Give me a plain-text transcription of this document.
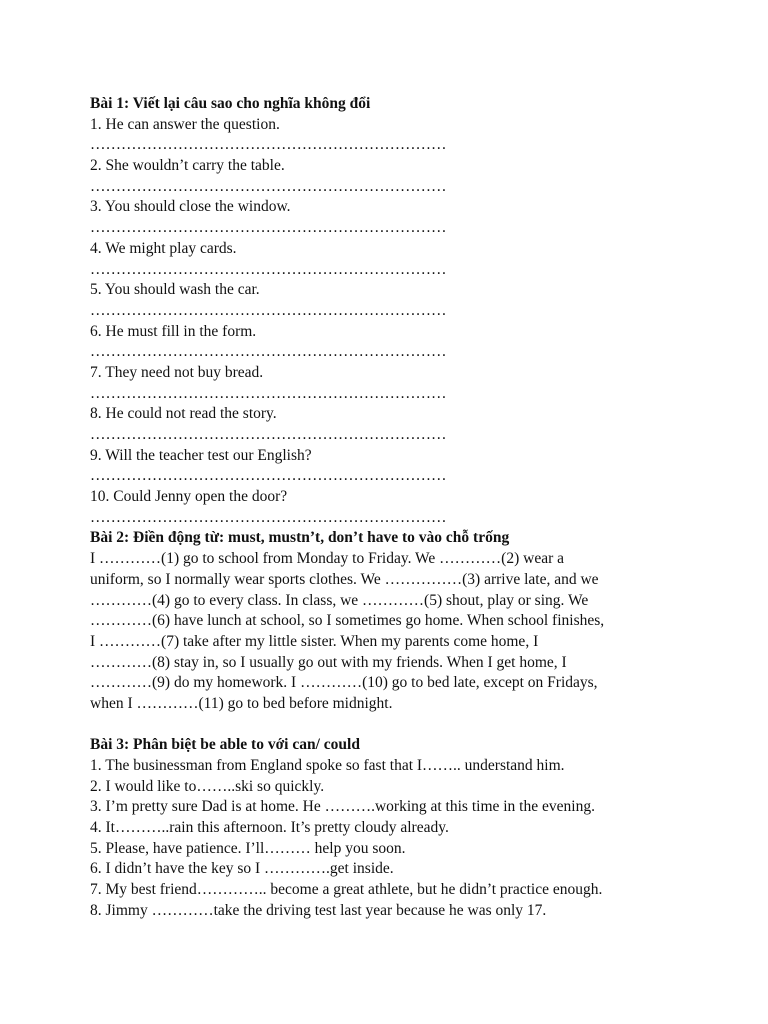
Bài 1: Viết lại câu sao cho nghĩa không đổi
1. He can answer the question.
……………………………………………………………
2. She wouldn’t carry the table.
……………………………………………………………
3. You should close the window.
……………………………………………………………
4. We might play cards.
……………………………………………………………
5. You should wash the car.
……………………………………………………………
6. He must fill in the form.
……………………………………………………………
7. They need not buy bread.
……………………………………………………………
8. He could not read the story.
……………………………………………………………
9. Will the teacher test our English?
……………………………………………………………
10. Could Jenny open the door?
……………………………………………………………
Bài 2: Điền động từ: must, mustn’t, don’t have to vào chỗ trống
I …………(1) go to school from Monday to Friday. We …………(2) wear a
uniform, so I normally wear sports clothes. We ……………(3) arrive late, and we
…………(4) go to every class. In class, we …………(5) shout, play or sing. We
…………(6) have lunch at school, so I sometimes go home. When school finishes,
I …………(7) take after my little sister. When my parents come home, I
…………(8) stay in, so I usually go out with my friends. When I get home, I
…………(9) do my homework. I …………(10) go to bed late, except on Fridays,
when I …………(11) go to bed before midnight.
Bài 3: Phân biệt be able to với can/ could
1. The businessman from England spoke so fast that I…….. understand him.
2. I would like to……..ski so quickly.
3. I’m pretty sure Dad is at home. He ……….working at this time in the evening.
4. It………..rain this afternoon. It’s pretty cloudy already.
5. Please, have patience. I’ll……… help you soon.
6. I didn’t have the key so I ………….get inside.
7. My best friend………….. become a great athlete, but he didn’t practice enough.
8. Jimmy …………take the driving test last year because he was only 17.
